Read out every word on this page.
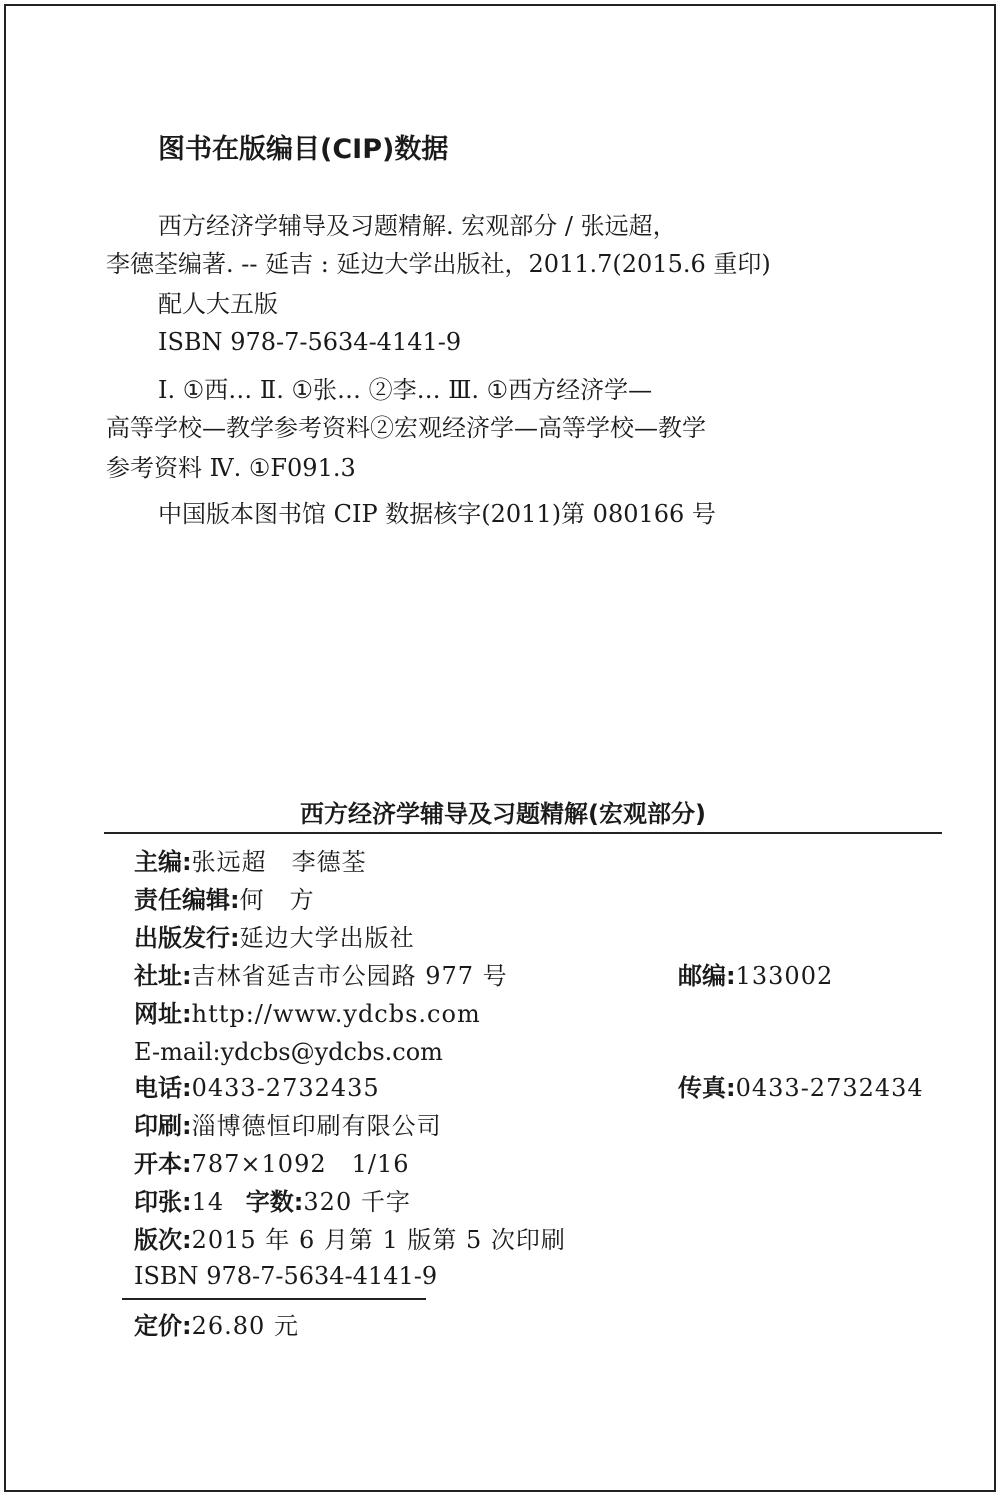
图书在版编目(CIP)数据
西方经济学辅导及习题精解. 宏观部分 / 张远超，
李德荃编著. -- 延吉 : 延边大学出版社，2011.7(2015.6 重印)
配人大五版
ISBN 978-7-5634-4141-9
Ⅰ. ①西… Ⅱ. ①张… ②李… Ⅲ. ①西方经济学—
高等学校—教学参考资料②宏观经济学—高等学校—教学
参考资料 Ⅳ. ①F091.3
中国版本图书馆 CIP 数据核字(2011)第 080166 号
西方经济学辅导及习题精解(宏观部分)
主编:张远超　李德荃
责任编辑:何　方
出版发行:延边大学出版社
社址:吉林省延吉市公园路 977 号	邮编:133002
网址:http://www.ydcbs.com
E-mail:ydcbs@ydcbs.com
电话:0433-2732435	传真:0433-2732434
印刷:淄博德恒印刷有限公司
开本:787×1092　1/16
印张:14 字数:320 千字
版次:2015 年 6 月第 1 版第 5 次印刷
ISBN 978-7-5634-4141-9
定价:26.80 元
